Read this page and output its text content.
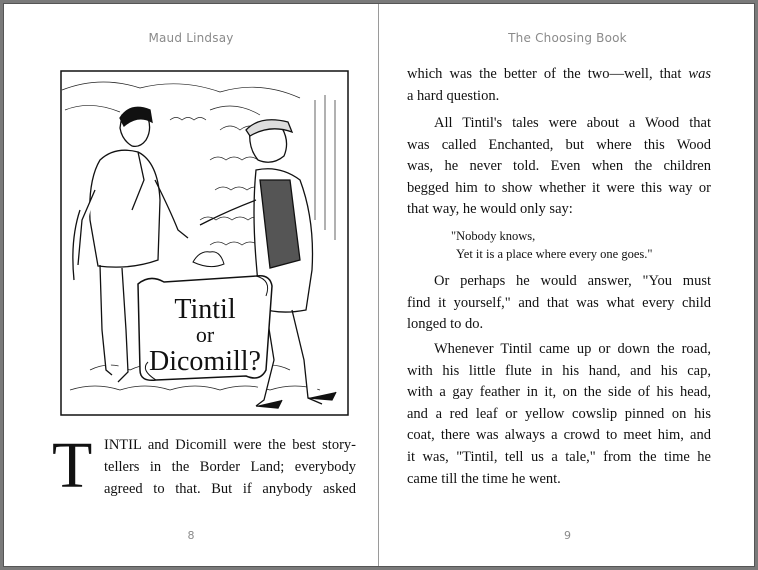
Maud Lindsay
Tintil
or
Dicomill?
T INTIL and Dicomill were the best story-
tellers in the Border Land; everybody
agreed to that. But if anybody asked
8
The Choosing Book
which was the better of the two—well, that was
a hard question.
All Tintil's tales were about a Wood that
was called Enchanted, but where this Wood
was, he never told. Even when the children
begged him to show whether it were this way or
that way, he would only say:
"Nobody knows,
Yet it is a place where every one goes."
Or perhaps he would answer, "You must
find it yourself," and that was what every child
longed to do.
Whenever Tintil came up or down the road,
with his little flute in his hand, and his cap,
with a gay feather in it, on the side of his head,
and a red leaf or yellow cowslip pinned on his
coat, there was always a crowd to meet him, and
it was, "Tintil, tell us a tale," from the time he
came till the time he went.
9
